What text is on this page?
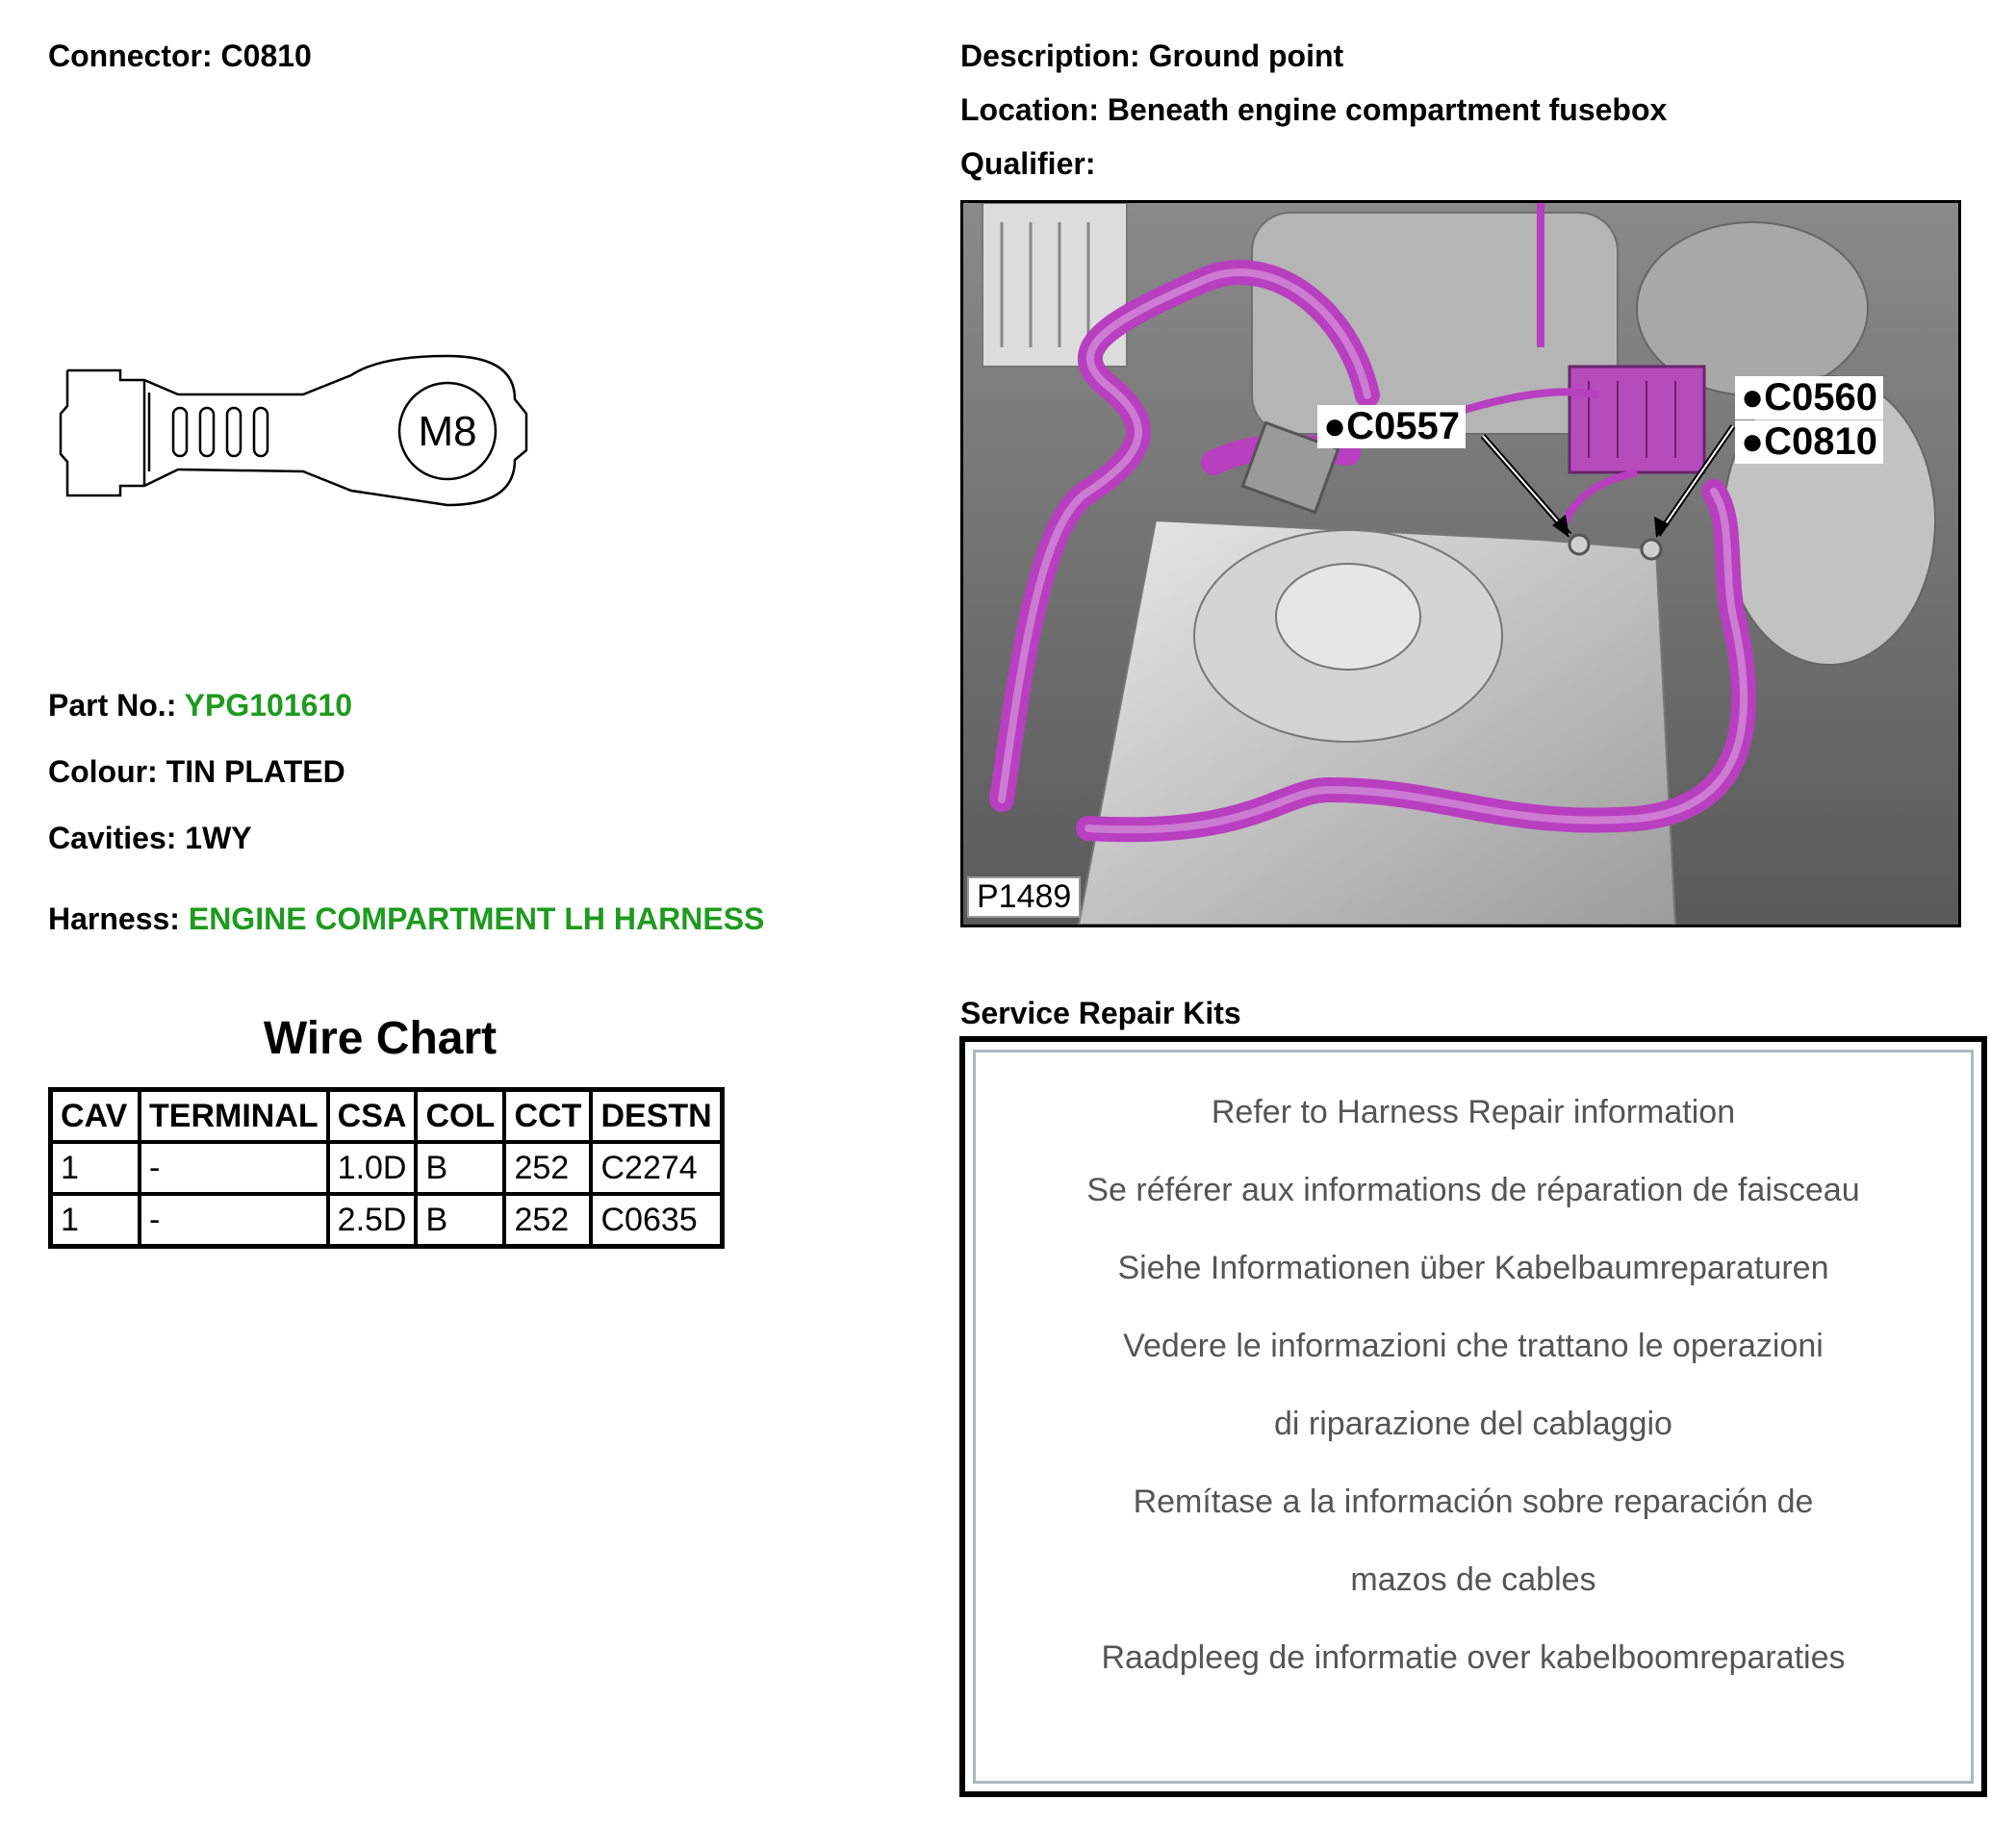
Connector: C0810	Description: Ground point
Location: Beneath engine compartment fusebox
Qualifier:
M8
Part No.: YPG101610
Colour: TIN PLATED
Cavities: 1WY
Harness: ENGINE COMPARTMENT LH HARNESS
Wire Chart
CAV	TERMINAL	CSA	COL	CCT	DESTN
1	-	1.0D	B	252	C2274
1	-	2.5D	B	252	C0635
●C0557
●C0560
●C0810
P1489
Service Repair Kits
Refer to Harness Repair information
Se référer aux informations de réparation de faisceau
Siehe Informationen über Kabelbaumreparaturen
Vedere le informazioni che trattano le operazioni
di riparazione del cablaggio
Remítase a la información sobre reparación de
mazos de cables
Raadpleeg de informatie over kabelboomreparaties
